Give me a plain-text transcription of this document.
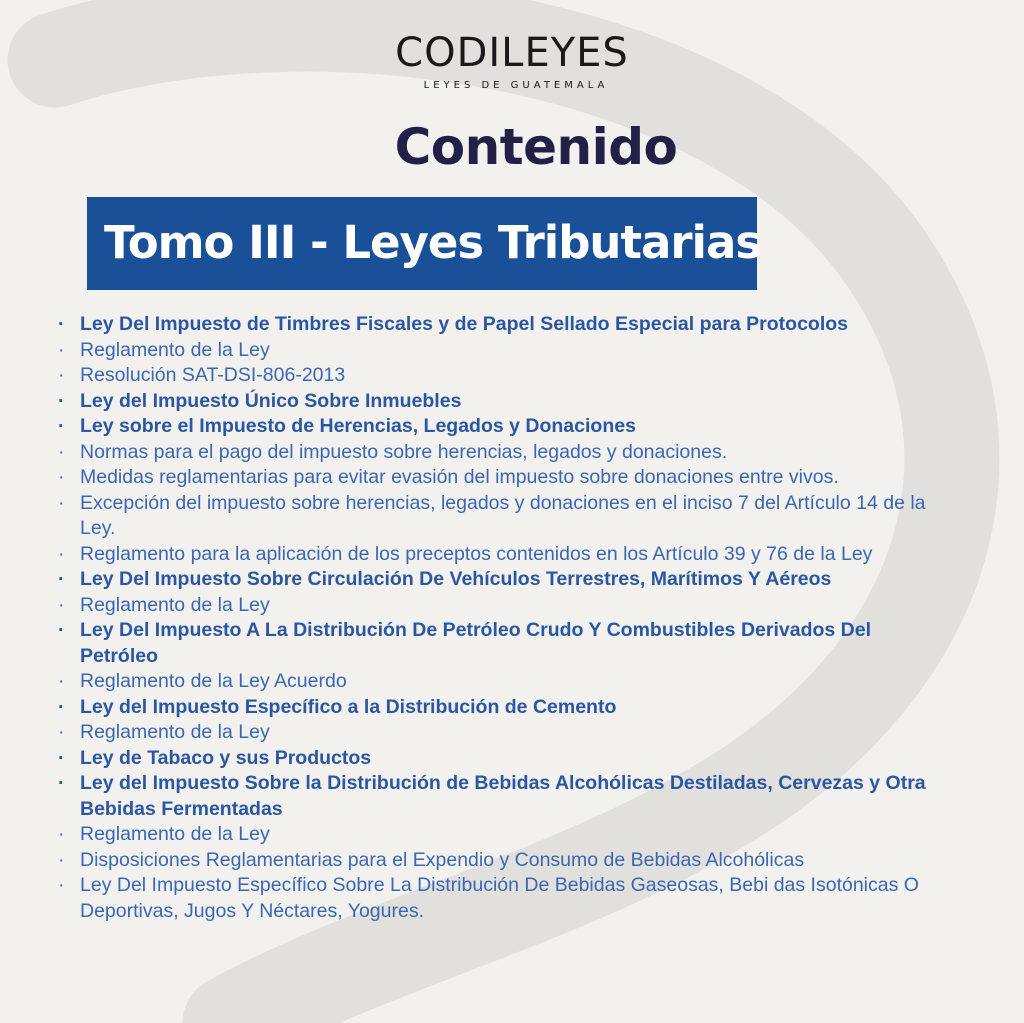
CODILEYES
LEYES DE GUATEMALA
Contenido
Tomo III - Leyes Tributarias
· Ley Del Impuesto de Timbres Fiscales y de Papel Sellado Especial para Protocolos
· Reglamento de la Ley
· Resolución SAT-DSI-806-2013
· Ley del Impuesto Único Sobre Inmuebles
· Ley sobre el Impuesto de Herencias, Legados y Donaciones
· Normas para el pago del impuesto sobre herencias, legados y donaciones.
· Medidas reglamentarias para evitar evasión del impuesto sobre donaciones entre vivos.
· Excepción del impuesto sobre herencias, legados y donaciones en el inciso 7 del Artículo 14 de la Ley.
· Reglamento para la aplicación de los preceptos contenidos en los Artículo 39 y 76 de la Ley
· Ley Del Impuesto Sobre Circulación De Vehículos Terrestres, Marítimos Y Aéreos
· Reglamento de la Ley
· Ley Del Impuesto A La Distribución De Petróleo Crudo Y Combustibles Derivados Del Petróleo
· Reglamento de la Ley Acuerdo
· Ley del Impuesto Específico a la Distribución de Cemento
· Reglamento de la Ley
· Ley de Tabaco y sus Productos
· Ley del Impuesto Sobre la Distribución de Bebidas Alcohólicas Destiladas, Cervezas y Otra Bebidas Fermentadas
· Reglamento de la Ley
· Disposiciones Reglamentarias para el Expendio y Consumo de Bebidas Alcohólicas
· Ley Del Impuesto Específico Sobre La Distribución De Bebidas Gaseosas, Bebi das Isotónicas O Deportivas, Jugos Y Néctares, Yogures.
